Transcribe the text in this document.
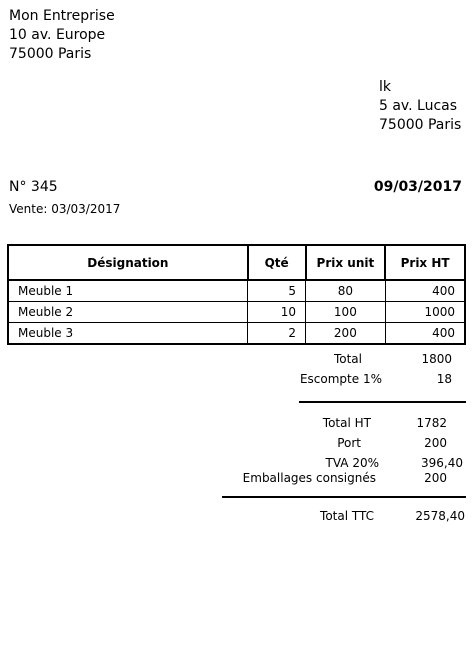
Mon Entreprise
10 av. Europe
75000 Paris
lk
5 av. Lucas
75000 Paris
N° 345	09/03/2017
Vente: 03/03/2017
Désignation	Qté	Prix unit	Prix HT
Meuble 1	5	80	400
Meuble 2	10	100	1000
Meuble 3	2	200	400
Total	1800
Escompte 1%	18
Total HT	1782
Port	200
TVA 20%	396,40
Emballages consignés	200
Total TTC	2578,40
